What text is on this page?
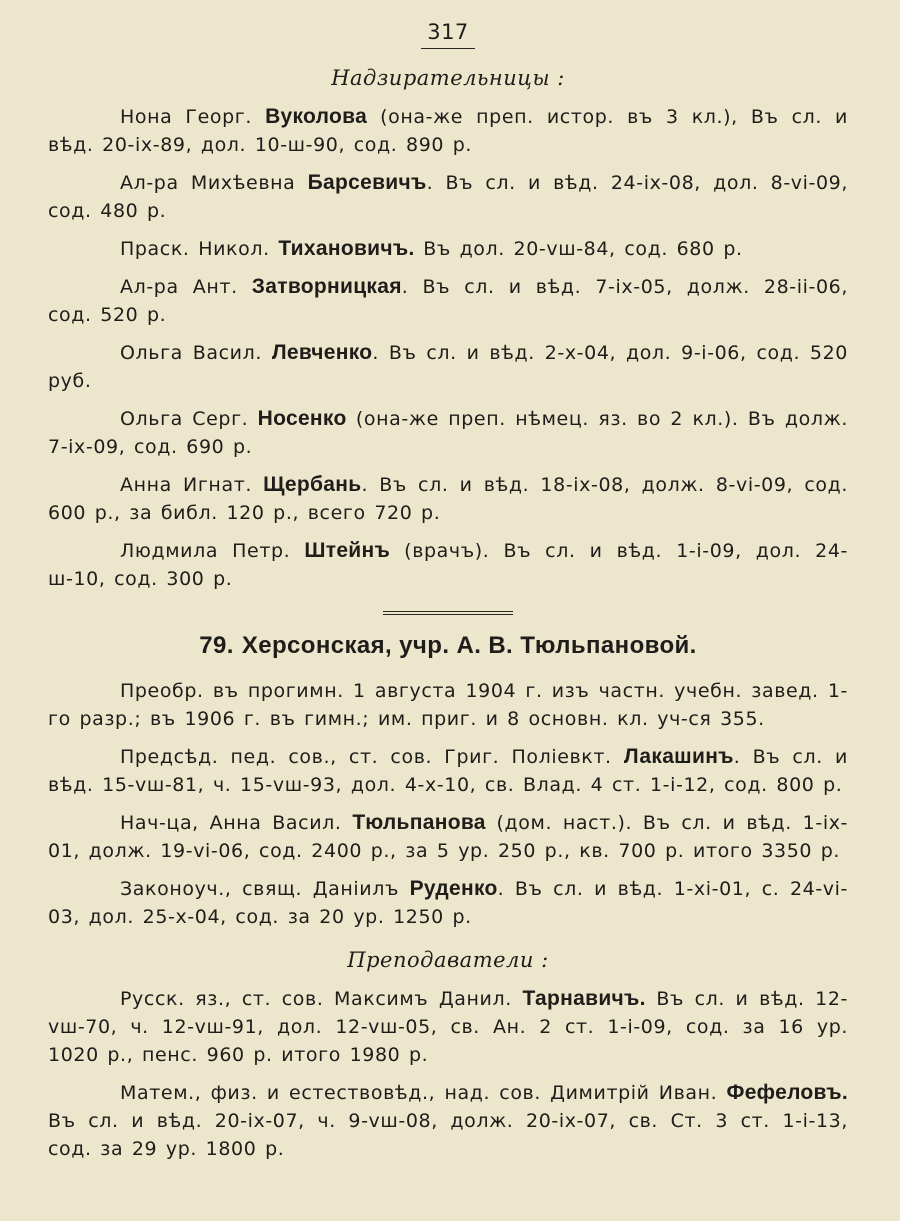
317
Надзирательницы :

Нона Георг. Вуколова (она-же преп. истор. въ 3 кл.), Въ сл. и вѣд. 20-ix-89, дол. 10-ш-90, сод. 890 р.

Ал-ра Михѣевна Барсевичъ. Въ сл. и вѣд. 24-ix-08, дол. 8-vi-09, сод. 480 р.

Праск. Никол. Тихановичъ. Въ дол. 20-vш-84, сод. 680 р.

Ал-ра Ант. Затворницкая. Въ сл. и вѣд. 7-ix-05, долж. 28-ii-06, сод. 520 р.

Ольга Васил. Левченко. Въ сл. и вѣд. 2-x-04, дол. 9-i-06, сод. 520 руб.

Ольга Серг. Носенко (она-же преп. нѣмец. яз. во 2 кл.). Въ долж. 7-ix-09, сод. 690 р.

Анна Игнат. Щербань. Въ сл. и вѣд. 18-ix-08, долж. 8-vi-09, сод. 600 р., за библ. 120 р., всего 720 р.

Людмила Петр. Штейнъ (врачъ). Въ сл. и вѣд. 1-i-09, дол. 24-ш-10, сод. 300 р.

79. Херсонская, учр. А. В. Тюльпановой.

Преобр. въ прогимн. 1 августа 1904 г. изъ частн. учебн. завед. 1-го разр.; въ 1906 г. въ гимн.; им. приг. и 8 основн. кл. уч-ся 355.

Предсѣд. пед. сов., ст. сов. Григ. Поліевкт. Лакашинъ. Въ сл. и вѣд. 15-vш-81, ч. 15-vш-93, дол. 4-x-10, св. Влад. 4 ст. 1-i-12, сод. 800 р.

Нач-ца, Анна Васил. Тюльпанова (дом. наст.). Въ сл. и вѣд. 1-ix-01, долж. 19-vi-06, сод. 2400 р., за 5 ур. 250 р., кв. 700 р. итого 3350 р.

Законоуч., свящ. Даніилъ Руденко. Въ сл. и вѣд. 1-xi-01, с. 24-vi-03, дол. 25-x-04, сод. за 20 ур. 1250 р.

Преподаватели :

Русск. яз., ст. сов. Максимъ Данил. Тарнавичъ. Въ сл. и вѣд. 12-vш-70, ч. 12-vш-91, дол. 12-vш-05, св. Ан. 2 ст. 1-i-09, сод. за 16 ур. 1020 р., пенс. 960 р. итого 1980 р.

Матем., физ. и естествовѣд., над. сов. Димитрій Иван. Фефеловъ. Въ сл. и вѣд. 20-ix-07, ч. 9-vш-08, долж. 20-ix-07, св. Ст. 3 ст. 1-i-13, сод. за 29 ур. 1800 р.
